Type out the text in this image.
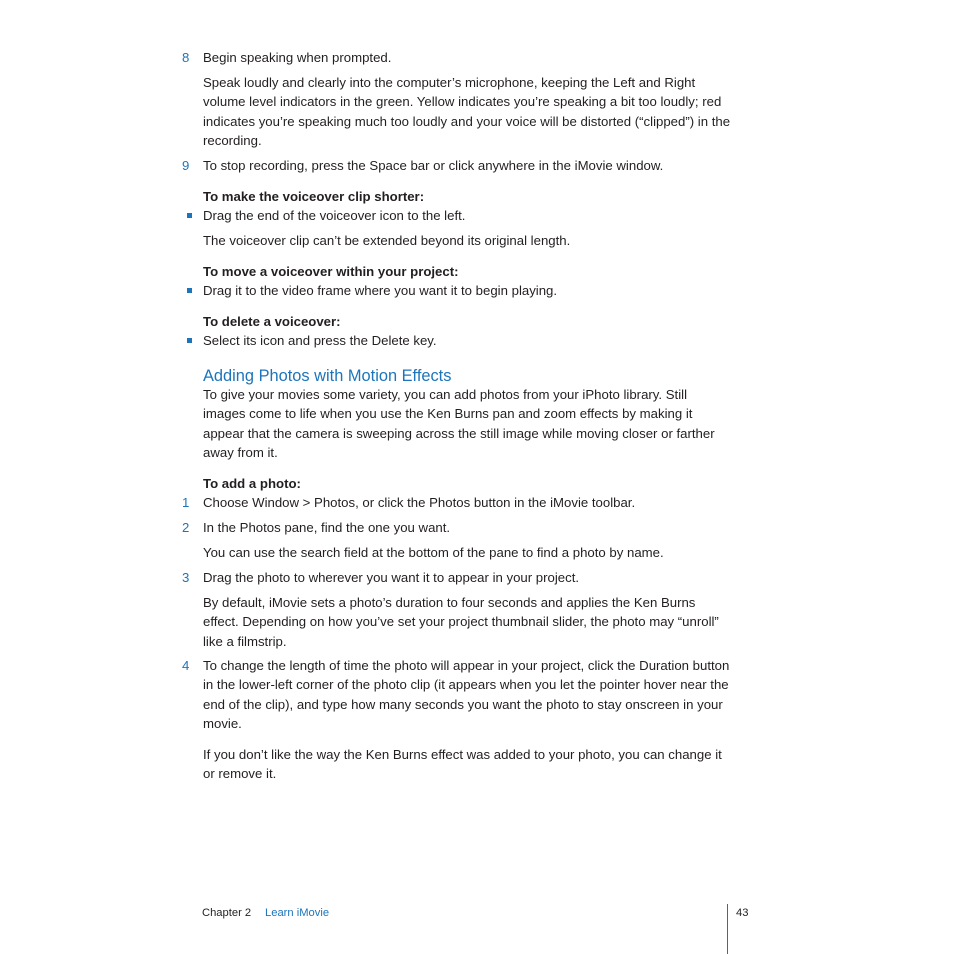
8 Begin speaking when prompted.
Speak loudly and clearly into the computer’s microphone, keeping the Left and Right volume level indicators in the green. Yellow indicates you’re speaking a bit too loudly; red indicates you’re speaking much too loudly and your voice will be distorted (“clipped”) in the recording.
9 To stop recording, press the Space bar or click anywhere in the iMovie window.
To make the voiceover clip shorter:
Drag the end of the voiceover icon to the left.
The voiceover clip can’t be extended beyond its original length.
To move a voiceover within your project:
Drag it to the video frame where you want it to begin playing.
To delete a voiceover:
Select its icon and press the Delete key.
Adding Photos with Motion Effects
To give your movies some variety, you can add photos from your iPhoto library. Still images come to life when you use the Ken Burns pan and zoom effects by making it appear that the camera is sweeping across the still image while moving closer or farther away from it.
To add a photo:
1 Choose Window > Photos, or click the Photos button in the iMovie toolbar.
2 In the Photos pane, find the one you want.
You can use the search field at the bottom of the pane to find a photo by name.
3 Drag the photo to wherever you want it to appear in your project.
By default, iMovie sets a photo’s duration to four seconds and applies the Ken Burns effect. Depending on how you’ve set your project thumbnail slider, the photo may “unroll” like a filmstrip.
4 To change the length of time the photo will appear in your project, click the Duration button in the lower-left corner of the photo clip (it appears when you let the pointer hover near the end of the clip), and type how many seconds you want the photo to stay onscreen in your movie.
If you don’t like the way the Ken Burns effect was added to your photo, you can change it or remove it.
Chapter 2 Learn iMovie	43
